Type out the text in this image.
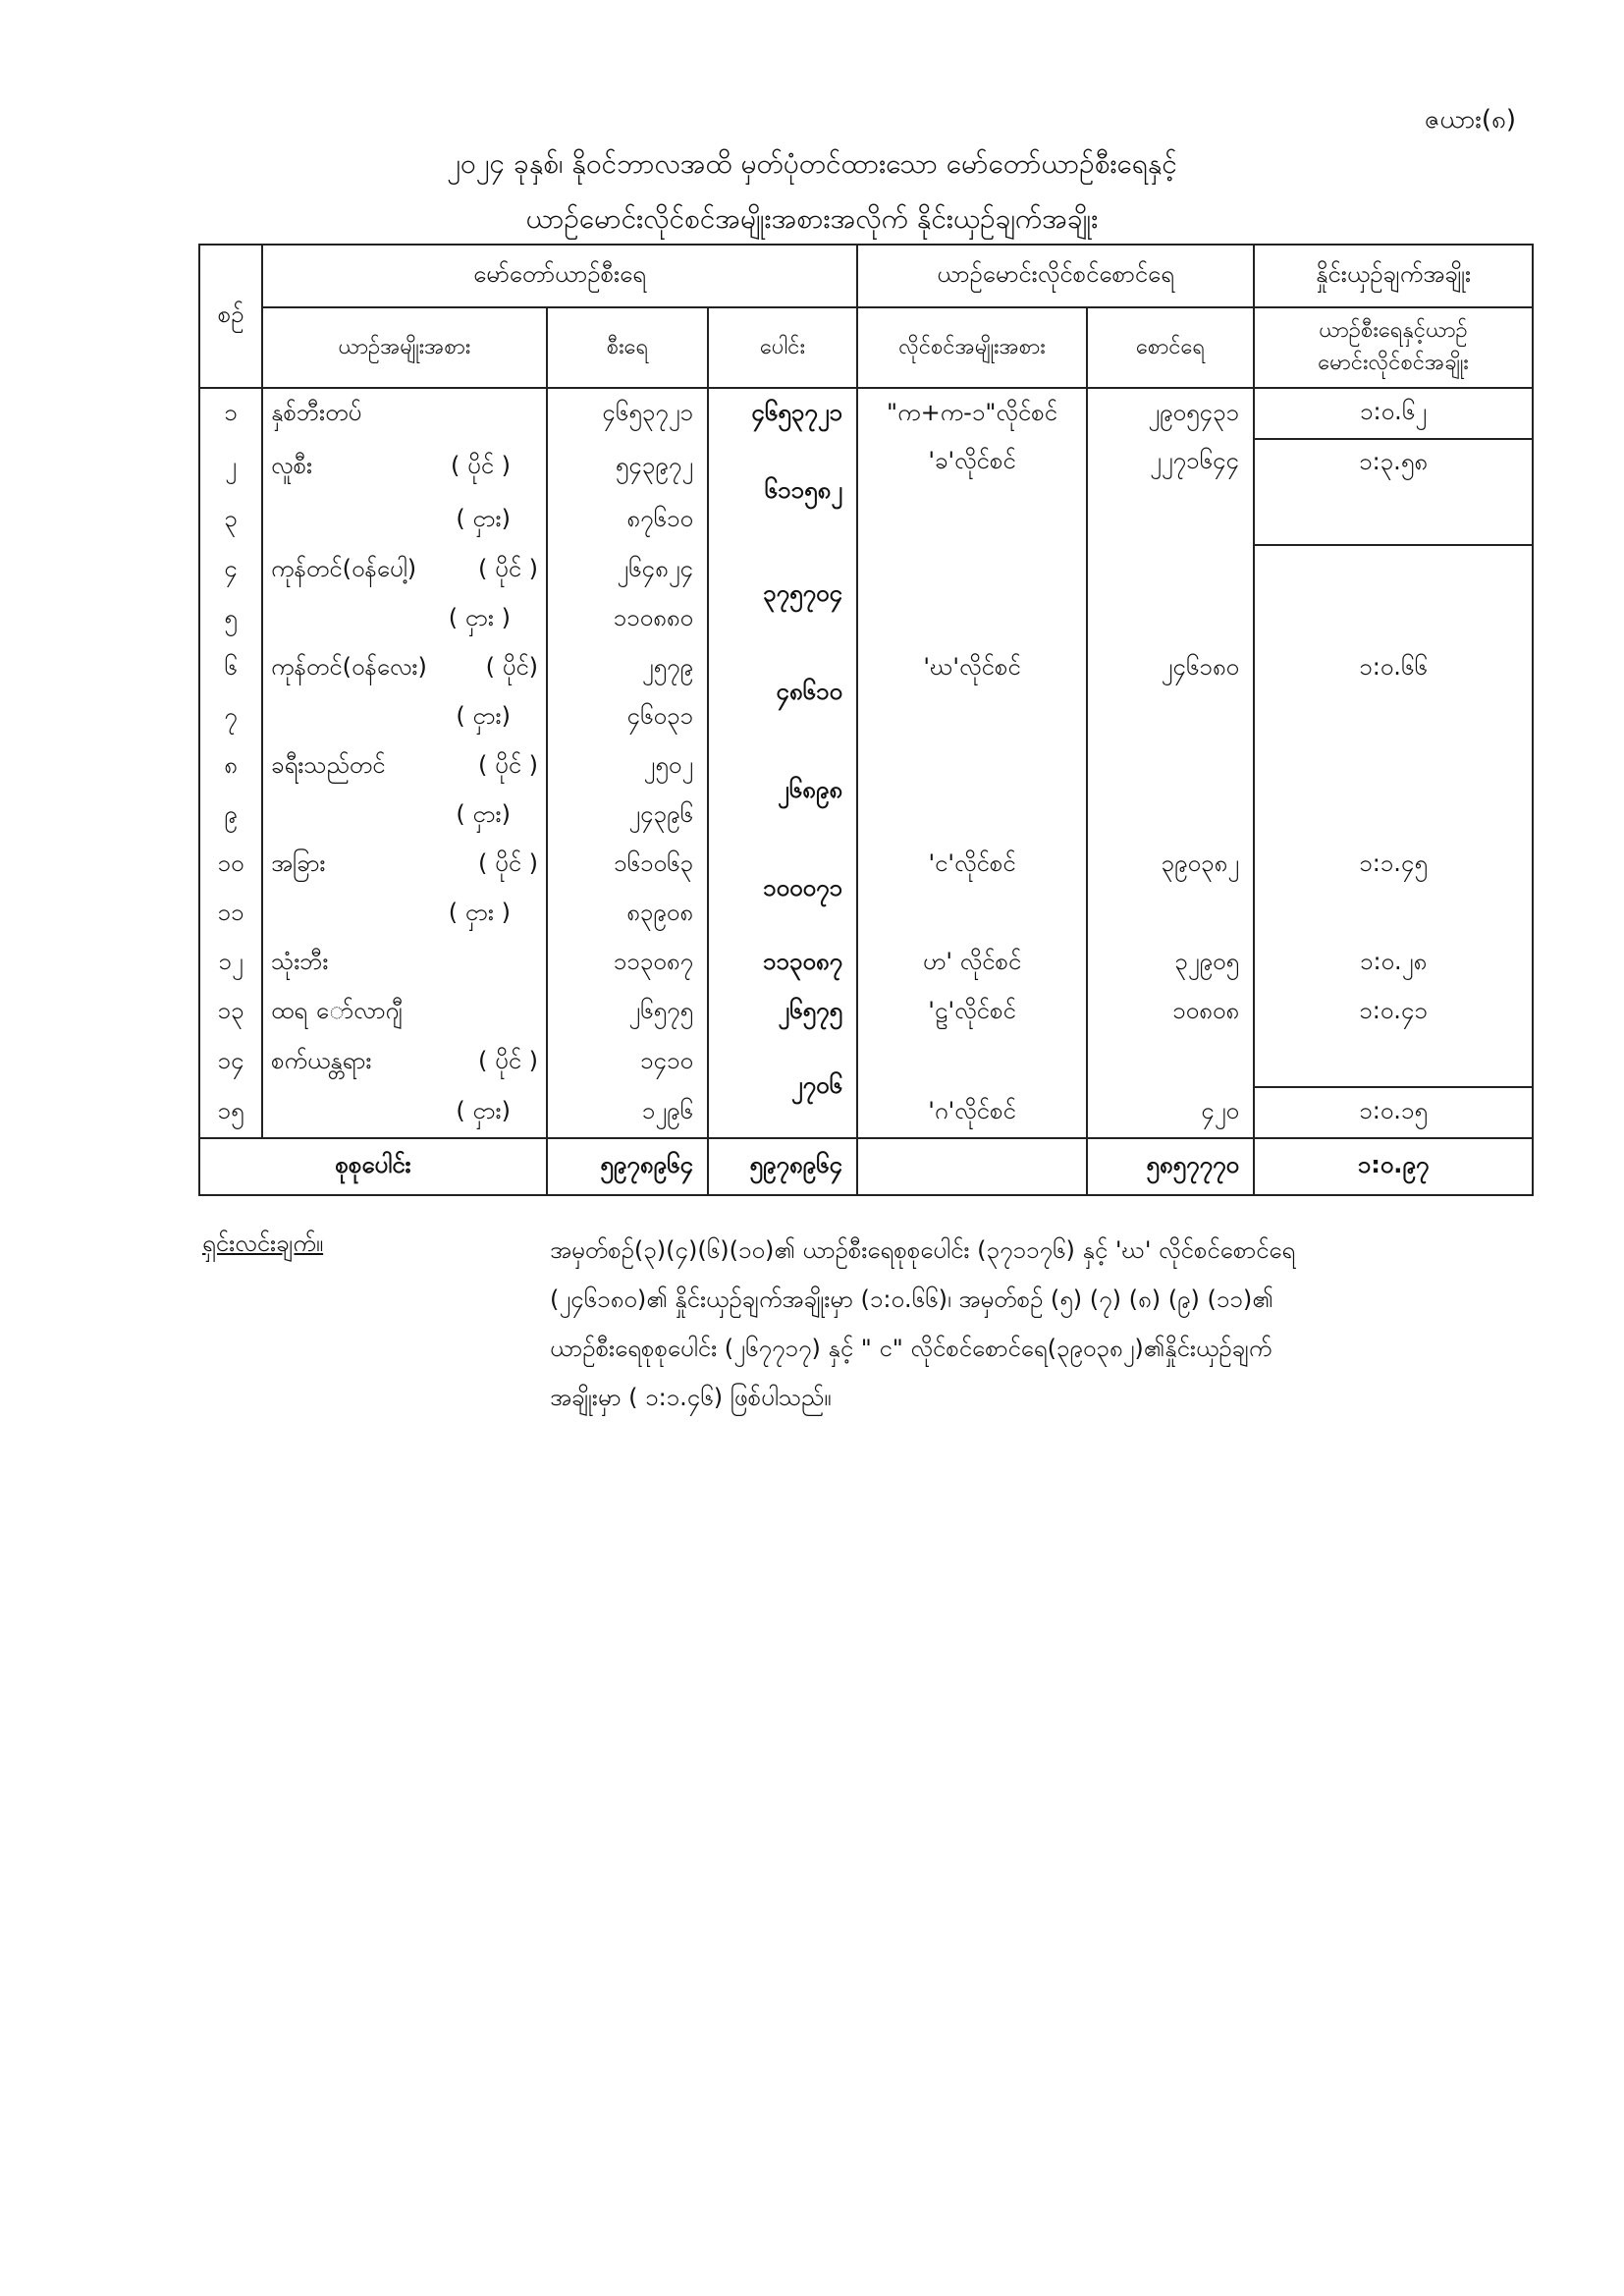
ဇယား(၈)
၂၀၂၄ ခုနှစ်၊ နိုဝင်ဘာလအထိ မှတ်ပုံတင်ထားသော မော်တော်ယာဉ်စီးရေနှင့်
ယာဉ်မောင်းလိုင်စင်အမျိုးအစားအလိုက် နိုင်းယှဉ်ချက်အချိုး
စဉ်	မော်တော်ယာဉ်စီးရေ			ယာဉ်မောင်းလိုင်စင်စောင်ရေ		နှိုင်းယှဉ်ချက်အချိုး
	ယာဉ်အမျိုးအစား	စီးရေ	ပေါင်း	လိုင်စင်အမျိုးအစား	စောင်ရေ	ယာဉ်စီးရေနှင့်ယာဉ်
မောင်းလိုင်စင်အချိုး
၁	နှစ်ဘီးတပ်	၄၆၅၃၇၂၁	၄၆၅၃၇၂၁	"က+က-၁"လိုင်စင်	၂၉၀၅၄၃၁	၁:၀.၆၂
၂	လူစီး ( ပိုင် )	၅၄၃၉၇၂	၆၁၁၅၈၂	'ခ'လိုင်စင်	၂၂၇၁၆၄၄	၁:၃.၅၈
၃	( ငှား)	၈၇၆၁၀				
၄	ကုန်တင်(ဝန်ပေါ့) ( ပိုင် )	၂၆၄၈၂၄	၃၇၅၇၀၄			
၅	( ငှား )	၁၁၀၈၈၀				
၆	ကုန်တင်(ဝန်လေး) ( ပိုင်)	၂၅၇၉	၄၈၆၁၀	'ဃ'လိုင်စင်	၂၄၆၁၈၀	၁:၀.၆၆
၇	( ငှား)	၄၆၀၃၁				
၈	ခရီးသည်တင် ( ပိုင် )	၂၅၀၂	၂၆၈၉၈			
၉	( ငှား)	၂၄၃၉၆				
၁၀	အခြား ( ပိုင် )	၁၆၁၀၆၃	၁၀၀၀၇၁	'င'လိုင်စင်	၃၉၀၃၈၂	၁:၁.၄၅
၁၁	( ငှား )	၈၃၉၀၈				
၁၂	သုံးဘီး	၁၁၃၀၈၇	၁၁၃၀၈၇	ဟ' လိုင်စင်	၃၂၉၀၅	၁:၀.၂၈
၁၃	ထရ ော်လာဂျီ	၂၆၅၇၅	၂၆၅၇၅	'ဠ'လိုင်စင်	၁၀၈၀၈	၁:၀.၄၁
၁၄	စက်ယန္တရား ( ပိုင် )	၁၄၁၀	၂၇၀၆			
၁၅	( ငှား)	၁၂၉၆		'ဂ'လိုင်စင်	၄၂၀	၁:၀.၁၅
စုစုပေါင်း		၅၉၇၈၉၆၄	၅၉၇၈၉၆၄		၅၈၅၇၇၇၀	၁:၀.၉၇
ရှင်းလင်းချက်။	အမှတ်စဉ်(၃)(၄)(၆)(၁၀)၏ ယာဉ်စီးရေစုစုပေါင်း (၃၇၁၁၇၆) နှင့် 'ဃ' လိုင်စင်စောင်ရေ
(၂၄၆၁၈၀)၏ နှိုင်းယှဉ်ချက်အချိုးမှာ (၁:၀.၆၆)၊ အမှတ်စဉ် (၅) (၇) (၈) (၉) (၁၁)၏
ယာဉ်စီးရေစုစုပေါင်း (၂၆၇၇၁၇) နှင့် " င" လိုင်စင်စောင်ရေ(၃၉၀၃၈၂)၏နှိုင်းယှဉ်ချက်
အချိုးမှာ ( ၁:၁.၄၆) ဖြစ်ပါသည်။
